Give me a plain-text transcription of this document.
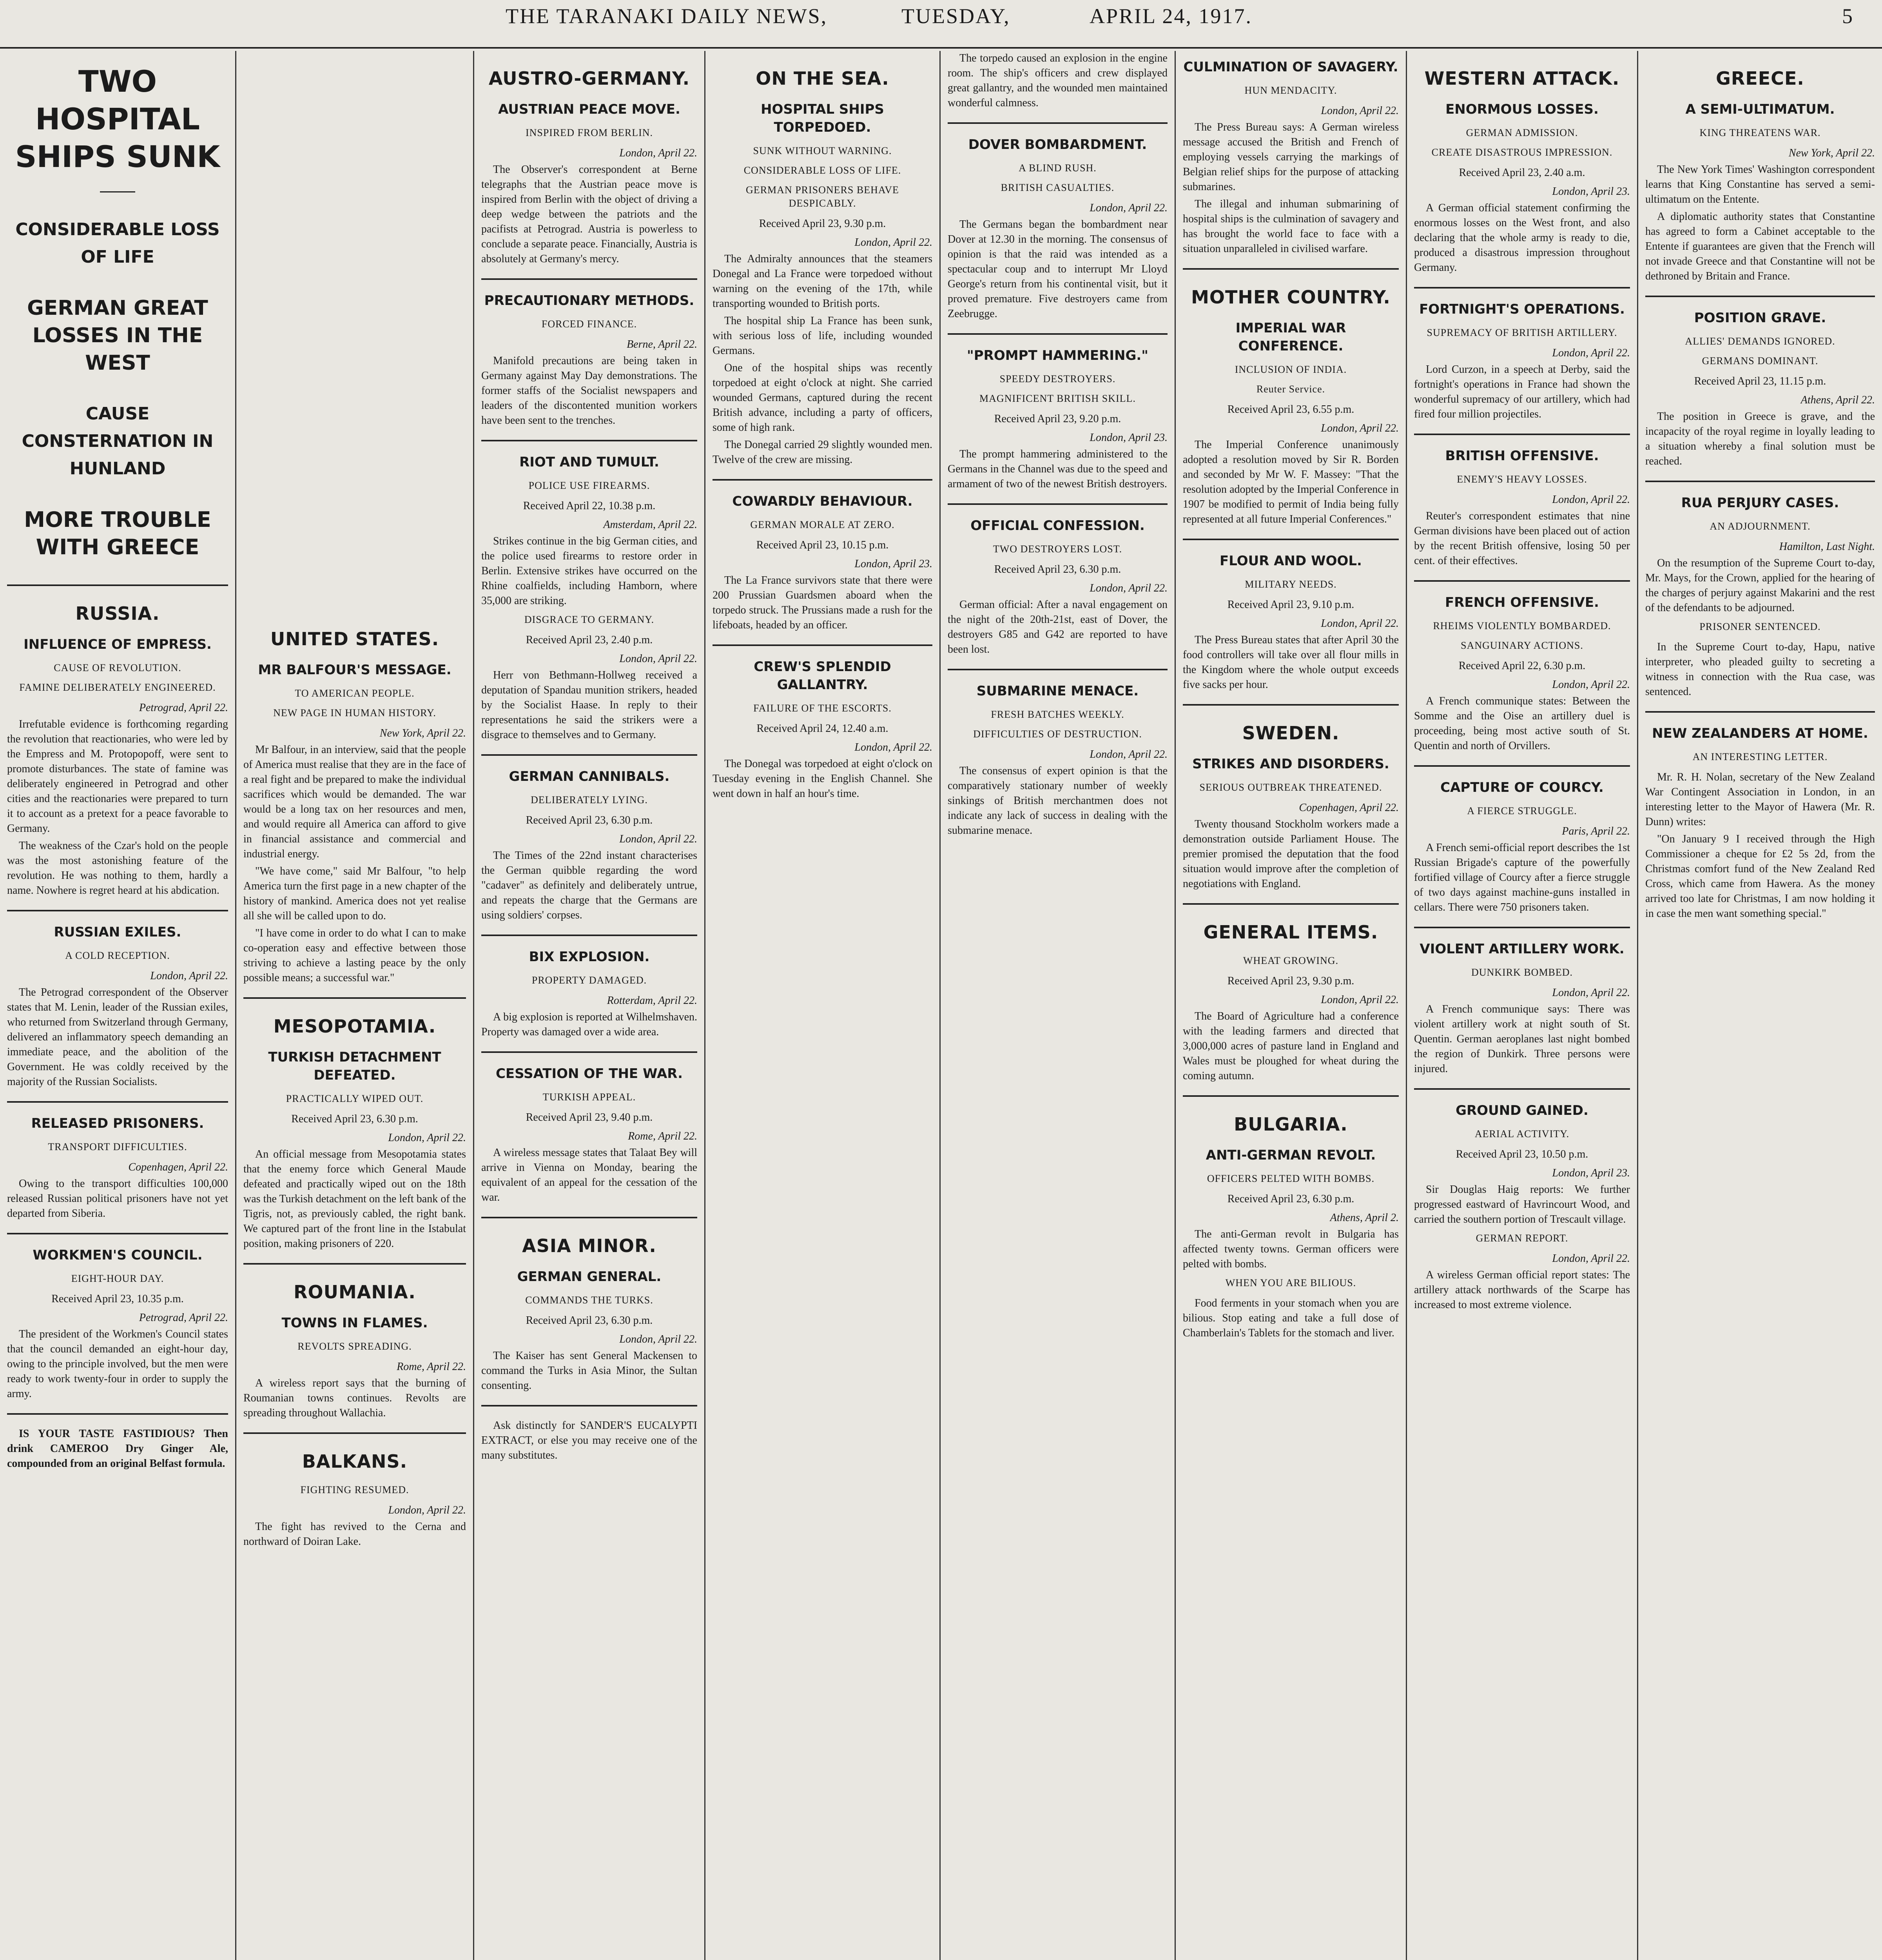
THE TARANAKI DAILY NEWS,	TUESDAY,	APRIL 24, 1917.	5
TWO HOSPITAL SHIPS SUNK
CONSIDERABLE LOSS OF LIFE
GERMAN GREAT LOSSES IN THE WEST
CAUSE CONSTERNATION IN HUNLAND
MORE TROUBLE WITH GREECE
RUSSIA.
INFLUENCE OF EMPRESS.
CAUSE OF REVOLUTION.
FAMINE DELIBERATELY ENGINEERED.
Petrograd, April 22.

Irrefutable evidence is forthcoming regarding the revolution that reactionaries, who were led by the Empress and M. Protopopoff, were sent to promote disturbances. The state of famine was deliberately engineered in Petrograd and other cities and the reactionaries were prepared to turn it to account as a pretext for a peace favorable to Germany.

The weakness of the Czar's hold on the people was the most astonishing feature of the revolution. He was nothing to them, hardly a name. Nowhere is regret heard at his abdication.

RUSSIAN EXILES.
A COLD RECEPTION.
London, April 22.

The Petrograd correspondent of the Observer states that M. Lenin, leader of the Russian exiles, who returned from Switzerland through Germany, delivered an inflammatory speech demanding an immediate peace, and the abolition of the Government. He was coldly received by the majority of the Russian Socialists.

RELEASED PRISONERS.
TRANSPORT DIFFICULTIES.
Copenhagen, April 22.

Owing to the transport difficulties 100,000 released Russian political prisoners have not yet departed from Siberia.

WORKMEN'S COUNCIL.
EIGHT-HOUR DAY.
Received April 23, 10.35 p.m.
Petrograd, April 22.

The president of the Workmen's Council states that the council demanded an eight-hour day, owing to the principle involved, but the men were ready to work twenty-four in order to supply the army.

IS YOUR TASTE FASTIDIOUS? Then drink CAMEROO Dry Ginger Ale, compounded from an original Belfast formula.

UNITED STATES.
MR BALFOUR'S MESSAGE.
TO AMERICAN PEOPLE.
NEW PAGE IN HUMAN HISTORY.
New York, April 22.

Mr Balfour, in an interview, said that the people of America must realise that they are in the face of a real fight and be prepared to make the individual sacrifices which would be demanded. The war would be a long tax on her resources and men, and would require all America can afford to give in financial assistance and commercial and industrial energy.

"We have come," said Mr Balfour, "to help America turn the first page in a new chapter of the history of mankind. America does not yet realise all she will be called upon to do.

"I have come in order to do what I can to make co-operation easy and effective between those striving to achieve a lasting peace by the only possible means; a successful war."

MESOPOTAMIA.
TURKISH DETACHMENT DEFEATED.
PRACTICALLY WIPED OUT.
Received April 23, 6.30 p.m.
London, April 22.

An official message from Mesopotamia states that the enemy force which General Maude defeated and practically wiped out on the 18th was the Turkish detachment on the left bank of the Tigris, not, as previously cabled, the right bank. We captured part of the front line in the Istabulat position, making prisoners of 220.

ROUMANIA.
TOWNS IN FLAMES.
REVOLTS SPREADING.
Rome, April 22.

A wireless report says that the burning of Roumanian towns continues. Revolts are spreading throughout Wallachia.

BALKANS.
FIGHTING RESUMED.
London, April 22.

The fight has revived to the Cerna and northward of Doiran Lake.

AUSTRO-GERMANY.
AUSTRIAN PEACE MOVE.
INSPIRED FROM BERLIN.
London, April 22.

The Observer's correspondent at Berne telegraphs that the Austrian peace move is inspired from Berlin with the object of driving a deep wedge between the patriots and the pacifists at Petrograd. Austria is powerless to conclude a separate peace. Financially, Austria is absolutely at Germany's mercy.

PRECAUTIONARY METHODS.
FORCED FINANCE.
Berne, April 22.

Manifold precautions are being taken in Germany against May Day demonstrations. The former staffs of the Socialist newspapers and leaders of the discontented munition workers have been sent to the trenches.

RIOT AND TUMULT.
POLICE USE FIREARMS.
Received April 22, 10.38 p.m.
Amsterdam, April 22.

Strikes continue in the big German cities, and the police used firearms to restore order in Berlin. Extensive strikes have occurred on the Rhine coalfields, including Hamborn, where 35,000 are striking.

DISGRACE TO GERMANY.
Received April 23, 2.40 p.m.
London, April 22.

Herr von Bethmann-Hollweg received a deputation of Spandau munition strikers, headed by the Socialist Haase. In reply to their representations he said the strikers were a disgrace to themselves and to Germany.

GERMAN CANNIBALS.
DELIBERATELY LYING.
Received April 23, 6.30 p.m.
London, April 22.

The Times of the 22nd instant characterises the German quibble regarding the word "cadaver" as definitely and deliberately untrue, and repeats the charge that the Germans are using soldiers' corpses.

BIX EXPLOSION.
PROPERTY DAMAGED.
Rotterdam, April 22.

A big explosion is reported at Wilhelmshaven. Property was damaged over a wide area.

CESSATION OF THE WAR.
TURKISH APPEAL.
Received April 23, 9.40 p.m.
Rome, April 22.

A wireless message states that Talaat Bey will arrive in Vienna on Monday, bearing the equivalent of an appeal for the cessation of the war.

ASIA MINOR.
GERMAN GENERAL.
COMMANDS THE TURKS.
Received April 23, 6.30 p.m.
London, April 22.

The Kaiser has sent General Mackensen to command the Turks in Asia Minor, the Sultan consenting.

Ask distinctly for SANDER'S EUCALYPTI EXTRACT, or else you may receive one of the many substitutes.

ON THE SEA.
HOSPITAL SHIPS TORPEDOED.
SUNK WITHOUT WARNING.
CONSIDERABLE LOSS OF LIFE.
GERMAN PRISONERS BEHAVE DESPICABLY.
Received April 23, 9.30 p.m.
London, April 22.

The Admiralty announces that the steamers Donegal and La France were torpedoed without warning on the evening of the 17th, while transporting wounded to British ports.

The hospital ship La France has been sunk, with serious loss of life, including wounded Germans.

One of the hospital ships was recently torpedoed at eight o'clock at night. She carried wounded Germans, captured during the recent British advance, including a party of officers, some of high rank.

The Donegal carried 29 slightly wounded men. Twelve of the crew are missing.

COWARDLY BEHAVIOUR.
GERMAN MORALE AT ZERO.
Received April 23, 10.15 p.m.
London, April 23.

The La France survivors state that there were 200 Prussian Guardsmen aboard when the torpedo struck. The Prussians made a rush for the lifeboats, headed by an officer.

CREW'S SPLENDID GALLANTRY.
FAILURE OF THE ESCORTS.
Received April 24, 12.40 a.m.
London, April 22.

The Donegal was torpedoed at eight o'clock on Tuesday evening in the English Channel. She went down in half an hour's time.

The torpedo caused an explosion in the engine room. The ship's officers and crew displayed great gallantry, and the wounded men maintained wonderful calmness.

DOVER BOMBARDMENT.
A BLIND RUSH.
BRITISH CASUALTIES.
London, April 22.

The Germans began the bombardment near Dover at 12.30 in the morning. The consensus of opinion is that the raid was intended as a spectacular coup and to interrupt Mr Lloyd George's return from his continental visit, but it proved premature. Five destroyers came from Zeebrugge.

"PROMPT HAMMERING."
SPEEDY DESTROYERS.
MAGNIFICENT BRITISH SKILL.
Received April 23, 9.20 p.m.
London, April 23.

The prompt hammering administered to the Germans in the Channel was due to the speed and armament of two of the newest British destroyers.

OFFICIAL CONFESSION.
TWO DESTROYERS LOST.
Received April 23, 6.30 p.m.
London, April 22.

German official: After a naval engagement on the night of the 20th-21st, east of Dover, the destroyers G85 and G42 are reported to have been lost.

SUBMARINE MENACE.
FRESH BATCHES WEEKLY.
DIFFICULTIES OF DESTRUCTION.
London, April 22.

The consensus of expert opinion is that the comparatively stationary number of weekly sinkings of British merchantmen does not indicate any lack of success in dealing with the submarine menace.

CULMINATION OF SAVAGERY.
HUN MENDACITY.
London, April 22.

The Press Bureau says: A German wireless message accused the British and French of employing vessels carrying the markings of Belgian relief ships for the purpose of attacking submarines.

The illegal and inhuman submarining of hospital ships is the culmination of savagery and has brought the world face to face with a situation unparalleled in civilised warfare.

MOTHER COUNTRY.
IMPERIAL WAR CONFERENCE.
INCLUSION OF INDIA.
Reuter Service.
Received April 23, 6.55 p.m.
London, April 22.

The Imperial Conference unanimously adopted a resolution moved by Sir R. Borden and seconded by Mr W. F. Massey: "That the resolution adopted by the Imperial Conference in 1907 be modified to permit of India being fully represented at all future Imperial Conferences."

FLOUR AND WOOL.
MILITARY NEEDS.
Received April 23, 9.10 p.m.
London, April 22.

The Press Bureau states that after April 30 the food controllers will take over all flour mills in the Kingdom where the whole output exceeds five sacks per hour.

SWEDEN.
STRIKES AND DISORDERS.
SERIOUS OUTBREAK THREATENED.
Copenhagen, April 22.

Twenty thousand Stockholm workers made a demonstration outside Parliament House. The premier promised the deputation that the food situation would improve after the completion of negotiations with England.

GENERAL ITEMS.
WHEAT GROWING.
Received April 23, 9.30 p.m.
London, April 22.

The Board of Agriculture had a conference with the leading farmers and directed that 3,000,000 acres of pasture land in England and Wales must be ploughed for wheat during the coming autumn.

BULGARIA.
ANTI-GERMAN REVOLT.
OFFICERS PELTED WITH BOMBS.
Received April 23, 6.30 p.m.
Athens, April 2.

The anti-German revolt in Bulgaria has affected twenty towns. German officers were pelted with bombs.

WHEN YOU ARE BILIOUS.

Food ferments in your stomach when you are bilious. Stop eating and take a full dose of Chamberlain's Tablets for the stomach and liver.

WESTERN ATTACK.
ENORMOUS LOSSES.
GERMAN ADMISSION.
CREATE DISASTROUS IMPRESSION.
Received April 23, 2.40 a.m.
London, April 23.

A German official statement confirming the enormous losses on the West front, and also declaring that the whole army is ready to die, produced a disastrous impression throughout Germany.

FORTNIGHT'S OPERATIONS.
SUPREMACY OF BRITISH ARTILLERY.
London, April 22.

Lord Curzon, in a speech at Derby, said the fortnight's operations in France had shown the wonderful supremacy of our artillery, which had fired four million projectiles.

BRITISH OFFENSIVE.
ENEMY'S HEAVY LOSSES.
London, April 22.

Reuter's correspondent estimates that nine German divisions have been placed out of action by the recent British offensive, losing 50 per cent. of their effectives.

FRENCH OFFENSIVE.
RHEIMS VIOLENTLY BOMBARDED.
SANGUINARY ACTIONS.
Received April 22, 6.30 p.m.
London, April 22.

A French communique states: Between the Somme and the Oise an artillery duel is proceeding, being most active south of St. Quentin and north of Orvillers.

CAPTURE OF COURCY.
A FIERCE STRUGGLE.
Paris, April 22.

A French semi-official report describes the 1st Russian Brigade's capture of the powerfully fortified village of Courcy after a fierce struggle of two days against machine-guns installed in cellars. There were 750 prisoners taken.

VIOLENT ARTILLERY WORK.
DUNKIRK BOMBED.
London, April 22.

A French communique says: There was violent artillery work at night south of St. Quentin. German aeroplanes last night bombed the region of Dunkirk. Three persons were injured.

GROUND GAINED.
AERIAL ACTIVITY.
Received April 23, 10.50 p.m.
London, April 23.

Sir Douglas Haig reports: We further progressed eastward of Havrincourt Wood, and carried the southern portion of Trescault village.

GERMAN REPORT.
London, April 22.

A wireless German official report states: The artillery attack northwards of the Scarpe has increased to most extreme violence.

GREECE.
A SEMI-ULTIMATUM.
KING THREATENS WAR.
New York, April 22.

The New York Times' Washington correspondent learns that King Constantine has served a semi-ultimatum on the Entente.

A diplomatic authority states that Constantine has agreed to form a Cabinet acceptable to the Entente if guarantees are given that the French will not invade Greece and that Constantine will not be dethroned by Britain and France.

POSITION GRAVE.
ALLIES' DEMANDS IGNORED.
GERMANS DOMINANT.
Received April 23, 11.15 p.m.
Athens, April 22.

The position in Greece is grave, and the incapacity of the royal regime in loyally leading to a situation whereby a final solution must be reached.

RUA PERJURY CASES.
AN ADJOURNMENT.
Hamilton, Last Night.

On the resumption of the Supreme Court to-day, Mr. Mays, for the Crown, applied for the hearing of the charges of perjury against Makarini and the rest of the defendants to be adjourned.

PRISONER SENTENCED.

In the Supreme Court to-day, Hapu, native interpreter, who pleaded guilty to secreting a witness in connection with the Rua case, was sentenced.

NEW ZEALANDERS AT HOME.
AN INTERESTING LETTER.

Mr. R. H. Nolan, secretary of the New Zealand War Contingent Association in London, in an interesting letter to the Mayor of Hawera (Mr. R. Dunn) writes:

"On January 9 I received through the High Commissioner a cheque for £2 5s 2d, from the Christmas comfort fund of the New Zealand Red Cross, which came from Hawera. As the money arrived too late for Christmas, I am now holding it in case the men want something special."
